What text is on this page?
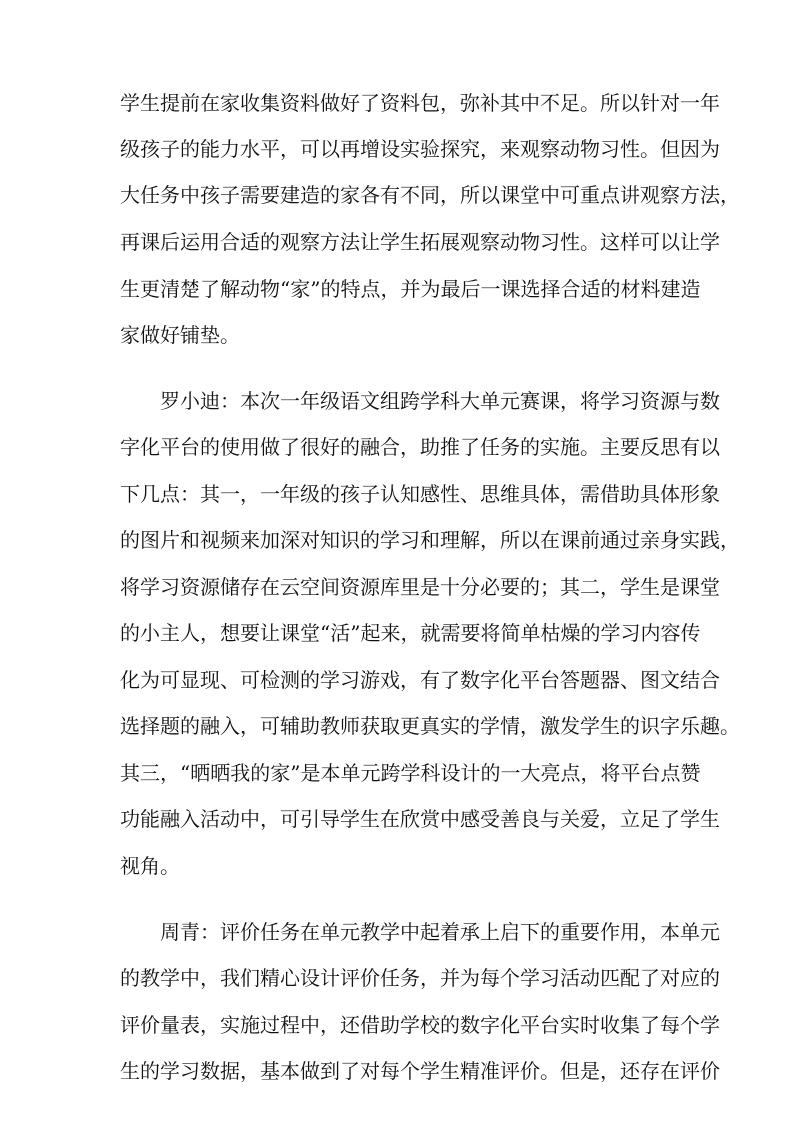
学生提前在家收集资料做好了资料包，弥补其中不足。所以针对一年
级孩子的能力水平，可以再增设实验探究，来观察动物习性。但因为
大任务中孩子需要建造的家各有不同，所以课堂中可重点讲观察方法，
再课后运用合适的观察方法让学生拓展观察动物习性。这样可以让学
生更清楚了解动物“家”的特点，并为最后一课选择合适的材料建造
家做好铺垫。
罗小迪：本次一年级语文组跨学科大单元赛课，将学习资源与数
字化平台的使用做了很好的融合，助推了任务的实施。主要反思有以
下几点：其一，一年级的孩子认知感性、思维具体，需借助具体形象
的图片和视频来加深对知识的学习和理解，所以在课前通过亲身实践，
将学习资源储存在云空间资源库里是十分必要的；其二，学生是课堂
的小主人，想要让课堂“活”起来，就需要将简单枯燥的学习内容传
化为可显现、可检测的学习游戏，有了数字化平台答题器、图文结合
选择题的融入，可辅助教师获取更真实的学情，激发学生的识字乐趣。
其三，“晒晒我的家”是本单元跨学科设计的一大亮点，将平台点赞
功能融入活动中，可引导学生在欣赏中感受善良与关爱，立足了学生
视角。
周青：评价任务在单元教学中起着承上启下的重要作用，本单元
的教学中，我们精心设计评价任务，并为每个学习活动匹配了对应的
评价量表，实施过程中，还借助学校的数字化平台实时收集了每个学
生的学习数据，基本做到了对每个学生精准评价。但是，还存在评价
